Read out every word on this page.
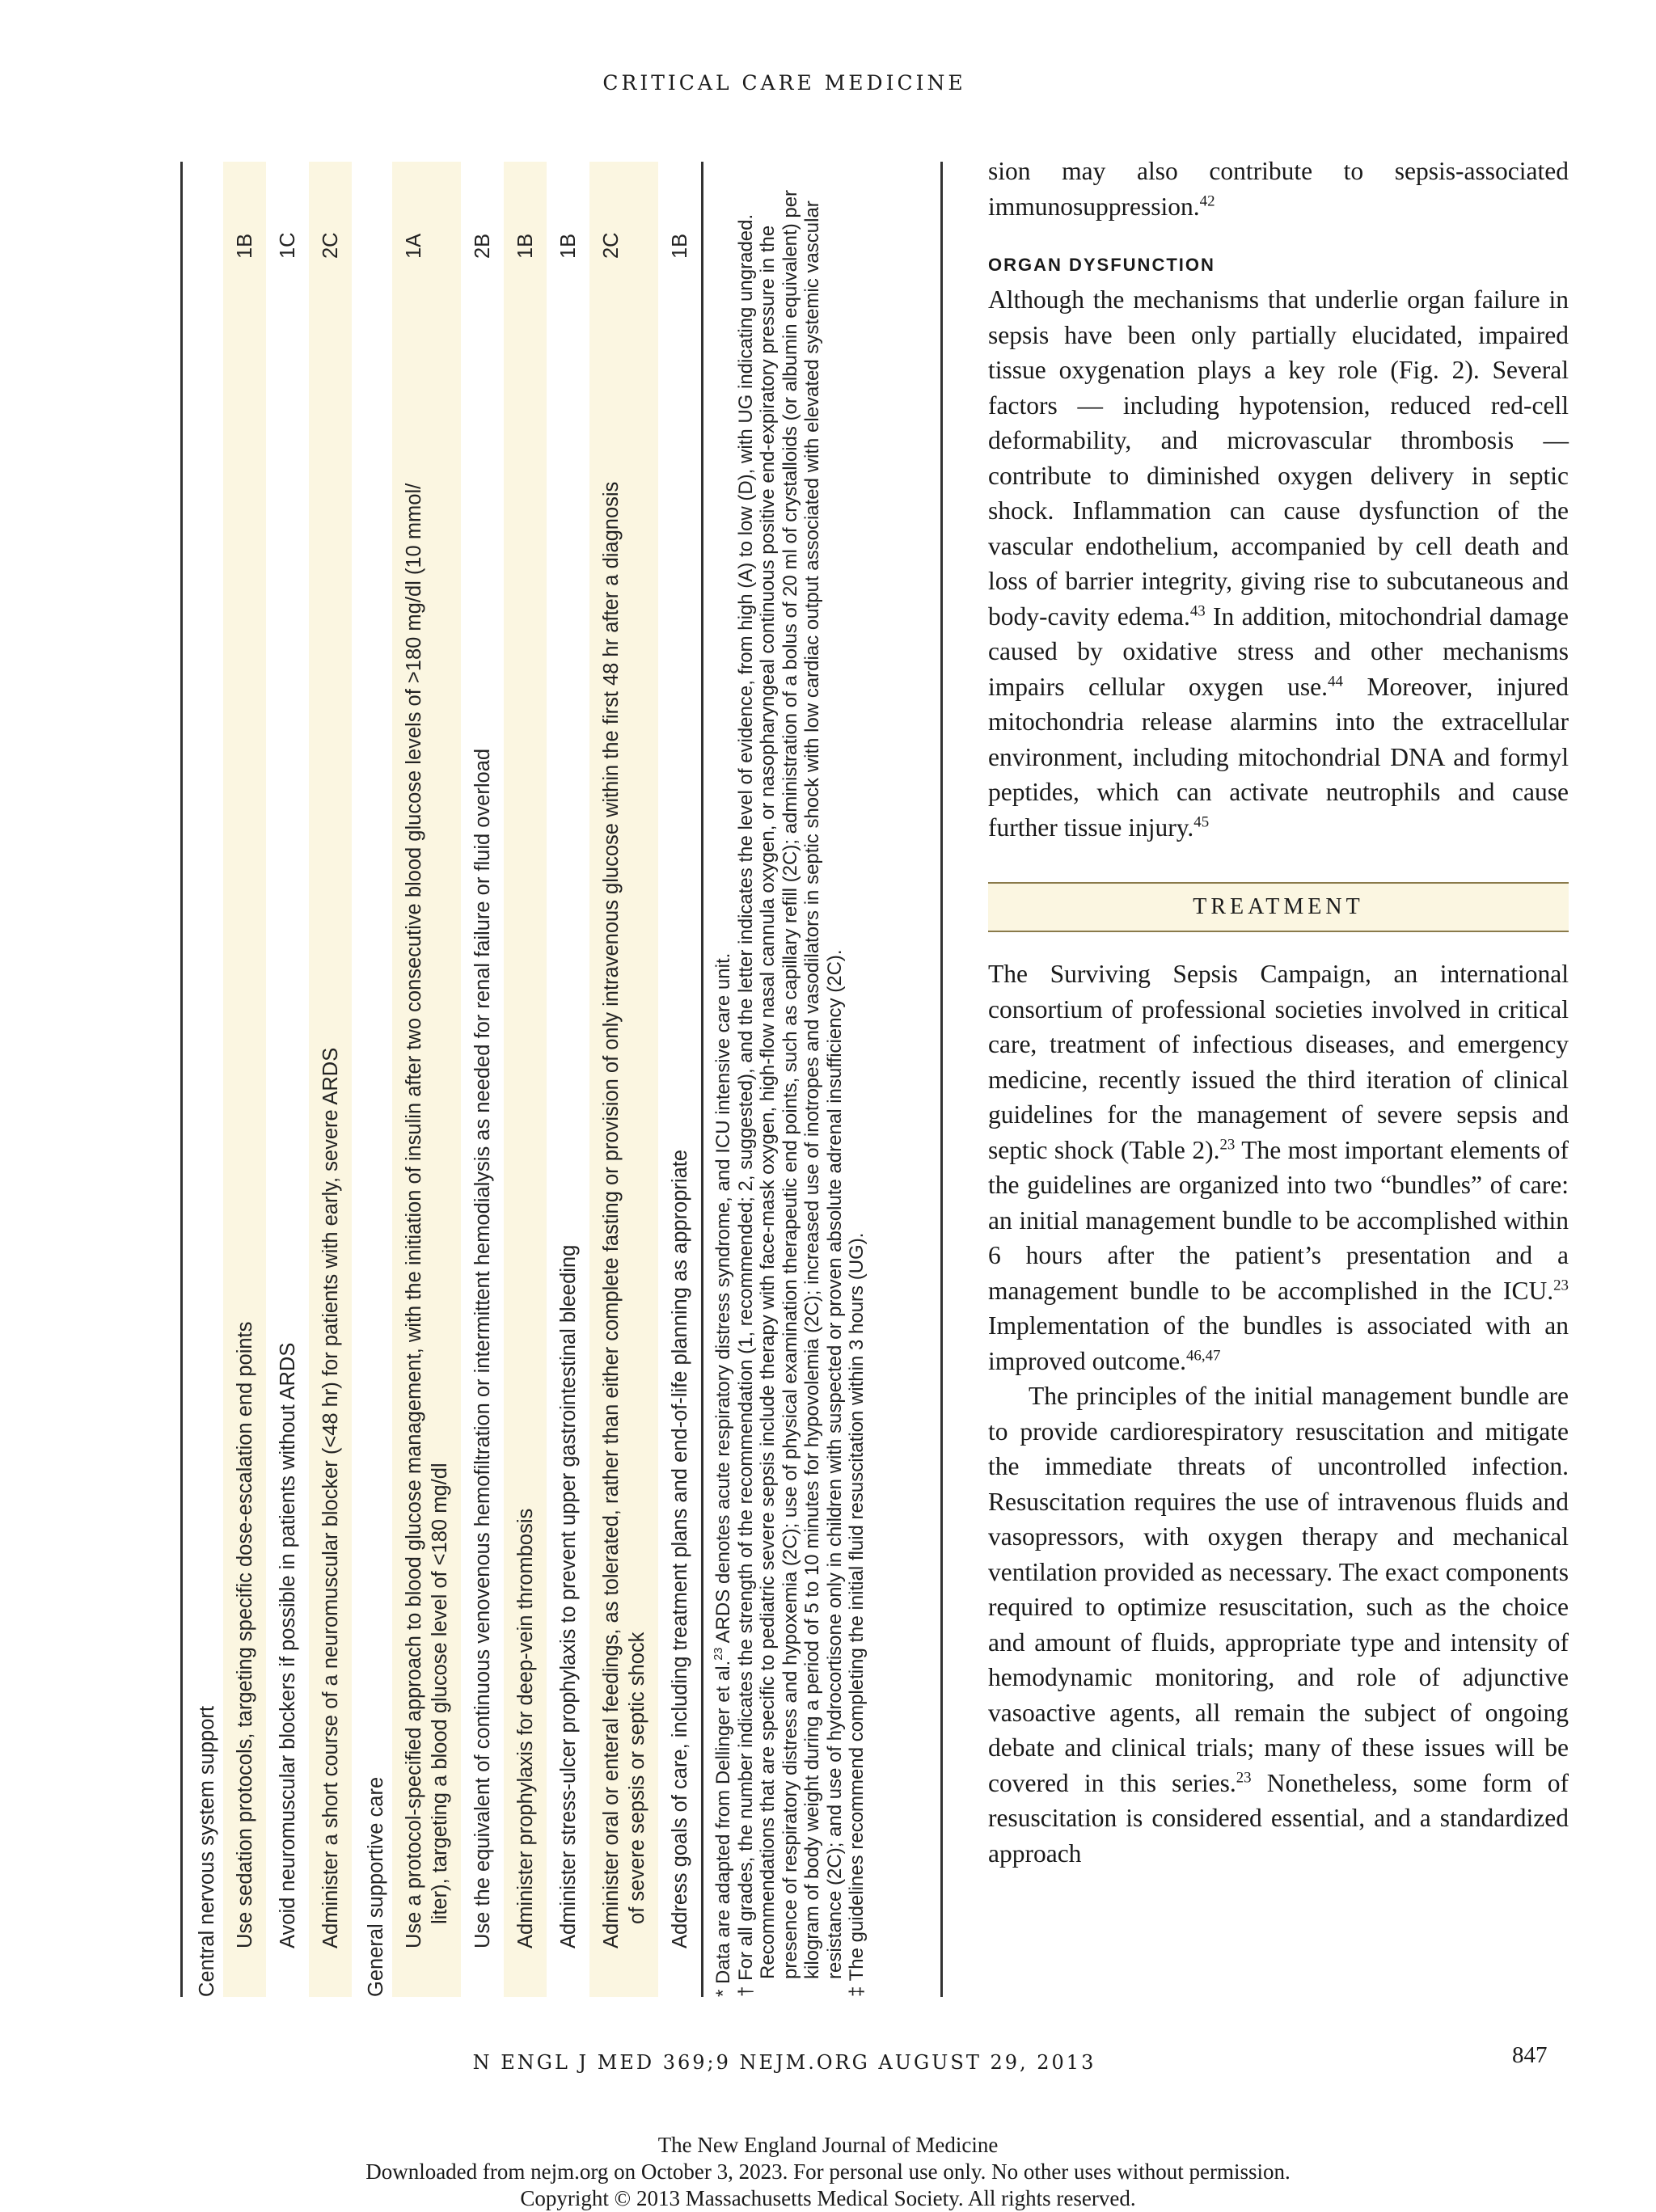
CRITICAL CARE MEDICINE
Central nervous system support Use sedation protocols, targeting specific dose-escalation end points
1B
Avoid neuromuscular blockers if possible in patients without ARDS
1C
Administer a short course of a neuromuscular blocker (<48 hr) for patients with early, severe ARDS
2C
General supportive care Use a protocol-specified approach to blood glucose management, with the initiation of insulin after two consecutive blood glucose levels of >180 mg/dl (10 mmol/ liter), targeting a blood glucose level of <180 mg/dl
1A
Use the equivalent of continuous venovenous hemofiltration or intermittent hemodialysis as needed for renal failure or fluid overload
2B
Administer prophylaxis for deep-vein thrombosis
1B
Administer stress-ulcer prophylaxis to prevent upper gastrointestinal bleeding
1B
Administer oral or enteral feedings, as tolerated, rather than either complete fasting or provision of only intravenous glucose within the first 48 hr after a diagnosis of severe sepsis or septic shock
2C
Address goals of care, including treatment plans and end-of-life planning as appropriate
1B
* Data are adapted from Dellinger et al.$^{23}$ ARDS denotes acute respiratory distress syndrome, and ICU intensive care unit. † For all grades, the number indicates the strength of the recommendation (1, recommended; 2, suggested), and the letter indicates the level of evidence, from high (A) to low (D), with UG indicating ungraded. Recommendations that are specific to pediatric severe sepsis include therapy with face-mask oxygen, high-flow nasal cannula oxygen, or nasopharyngeal continuous positive end-expiratory pressure in the presence of respiratory distress and hypoxemia (2C); use of physical examination therapeutic end points, such as capillary refill (2C); administration of a bolus of 20 ml of crystalloids (or albumin equivalent) per kilogram of body weight during a period of 5 to 10 minutes for hypovolemia (2C); increased use of inotropes and vasodilators in septic shock with low cardiac output associated with elevated systemic vascular resistance (2C); and use of hydrocortisone only in children with suspected or proven absolute adrenal insufficiency (2C). ‡ The guidelines recommend completing the initial fluid resuscitation within 3 hours (UG).

sion may also contribute to sepsis-associated immunosuppression.$^{42}$

ORGAN DYSFUNCTION

Although the mechanisms that underlie organ failure in sepsis have been only partially elucidated, impaired tissue oxygenation plays a key role (Fig. 2). Several factors — including hypotension, reduced red-cell deformability, and microvascular thrombosis — contribute to diminished oxygen delivery in septic shock. Inflammation can cause dysfunction of the vascular endothelium, accompanied by cell death and loss of barrier integrity, giving rise to subcutaneous and body-cavity edema.$^{43}$ In addition, mitochondrial damage caused by oxidative stress and other mechanisms impairs cellular oxygen use.$^{44}$ Moreover, injured mitochondria release alarmins into the extracellular environment, including mitochondrial DNA and formyl peptides, which can activate neutrophils and cause further tissue injury.$^{45}$

TREATMENT

The Surviving Sepsis Campaign, an international consortium of professional societies involved in critical care, treatment of infectious diseases, and emergency medicine, recently issued the third iteration of clinical guidelines for the management of severe sepsis and septic shock (Table 2).$^{23}$ The most important elements of the guidelines are organized into two “bundles” of care: an initial management bundle to be accomplished within 6 hours after the patient’s presentation and a management bundle to be accomplished in the ICU.$^{23}$ Implementation of the bundles is associated with an improved outcome.$^{46,47}$

The principles of the initial management bundle are to provide cardiorespiratory resuscitation and mitigate the immediate threats of uncontrolled infection. Resuscitation requires the use of intravenous fluids and vasopressors, with oxygen therapy and mechanical ventilation provided as necessary. The exact components required to optimize resuscitation, such as the choice and amount of fluids, appropriate type and intensity of hemodynamic monitoring, and role of adjunctive vasoactive agents, all remain the subject of ongoing debate and clinical trials; many of these issues will be covered in this series.$^{23}$ Nonetheless, some form of resuscitation is considered essential, and a standardized approach

N ENGL J MED 369;9 NEJM.ORG AUGUST 29, 2013	847
The New England Journal of Medicine
Downloaded from nejm.org on October 3, 2023. For personal use only. No other uses without permission.
Copyright © 2013 Massachusetts Medical Society. All rights reserved.
